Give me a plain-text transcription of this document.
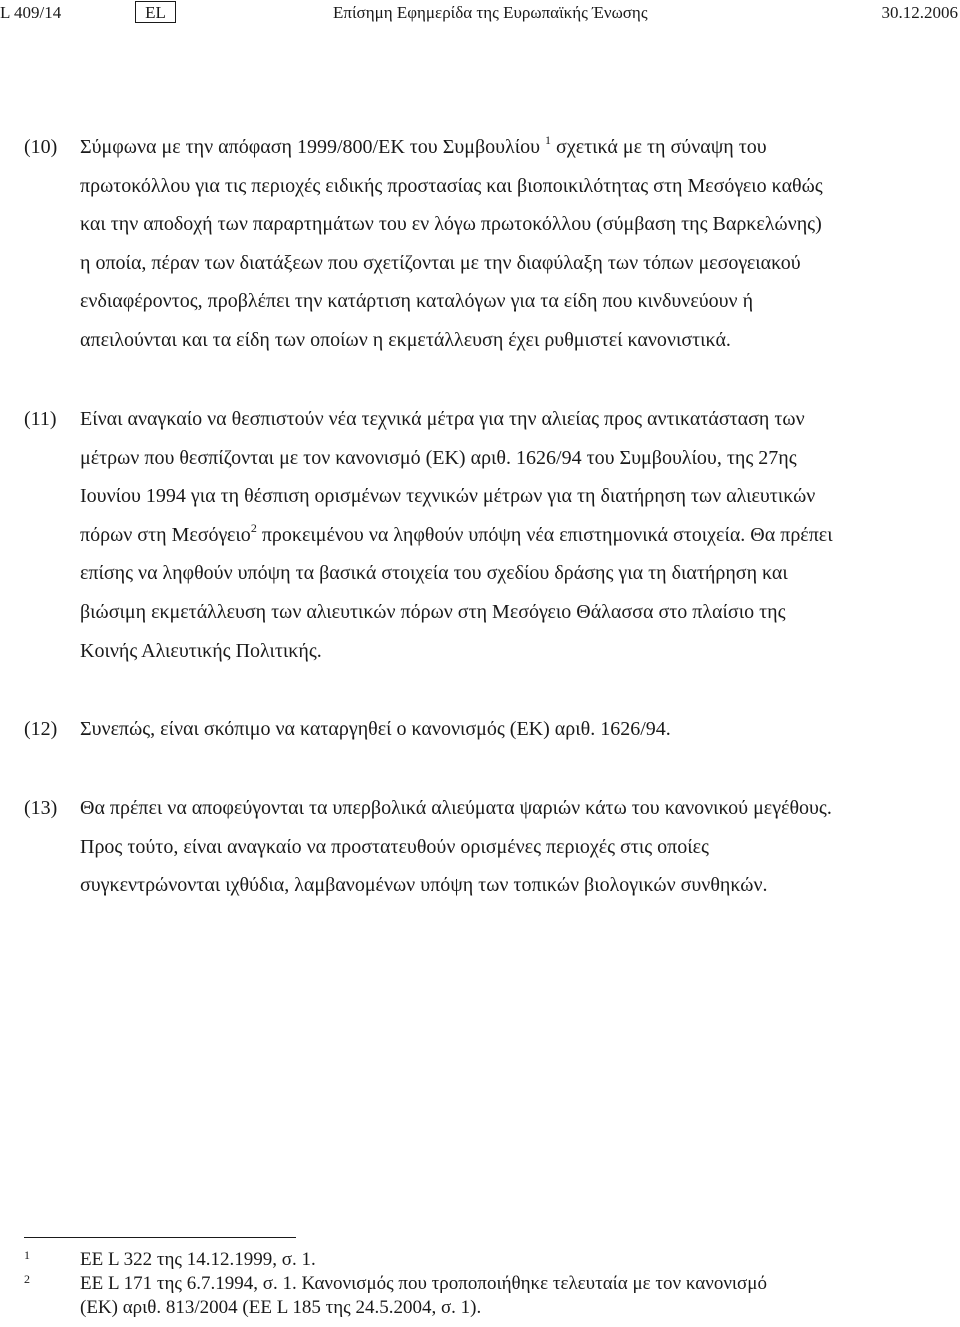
L 409/14	EL	Επίσημη Εφημερίδα της Ευρωπαϊκής Ένωσης	30.12.2006
(10) Σύμφωνα με την απόφαση 1999/800/ΕΚ του Συμβουλίου $^1$ σχετικά με τη σύναψη του
πρωτοκόλλου για τις περιοχές ειδικής προστασίας και βιοποικιλότητας στη Μεσόγειο καθώς
και την αποδοχή των παραρτημάτων του εν λόγω πρωτοκόλλου (σύμβαση της Βαρκελώνης)
η οποία, πέραν των διατάξεων που σχετίζονται με την διαφύλαξη των τόπων μεσογειακού
ενδιαφέροντος, προβλέπει την κατάρτιση καταλόγων για τα είδη που κινδυνεύουν ή
απειλούνται και τα είδη των οποίων η εκμετάλλευση έχει ρυθμιστεί κανονιστικά.
(11) Είναι αναγκαίο να θεσπιστούν νέα τεχνικά μέτρα για την αλιείας προς αντικατάσταση των
μέτρων που θεσπίζονται με τον κανονισμό (ΕΚ) αριθ. 1626/94 του Συμβουλίου, της 27ης
Ιουνίου 1994 για τη θέσπιση ορισμένων τεχνικών μέτρων για τη διατήρηση των αλιευτικών
πόρων στη Μεσόγειο$^2$ προκειμένου να ληφθούν υπόψη νέα επιστημονικά στοιχεία. Θα πρέπει
επίσης να ληφθούν υπόψη τα βασικά στοιχεία του σχεδίου δράσης για τη διατήρηση και
βιώσιμη εκμετάλλευση των αλιευτικών πόρων στη Μεσόγειο Θάλασσα στο πλαίσιο της
Κοινής Αλιευτικής Πολιτικής.
(12) Συνεπώς, είναι σκόπιμο να καταργηθεί ο κανονισμός (ΕΚ) αριθ. 1626/94.
(13) Θα πρέπει να αποφεύγονται τα υπερβολικά αλιεύματα ψαριών κάτω του κανονικού μεγέθους.
Προς τούτο, είναι αναγκαίο να προστατευθούν ορισμένες περιοχές στις οποίες
συγκεντρώνονται ιχθύδια, λαμβανομένων υπόψη των τοπικών βιολογικών συνθηκών.
1	ΕΕ L 322 της 14.12.1999, σ. 1.
2	ΕΕ L 171 της 6.7.1994, σ. 1. Κανονισμός που τροποποιήθηκε τελευταία με τον κανονισμό
(ΕΚ) αριθ. 813/2004 (ΕΕ L 185 της 24.5.2004, σ. 1).
